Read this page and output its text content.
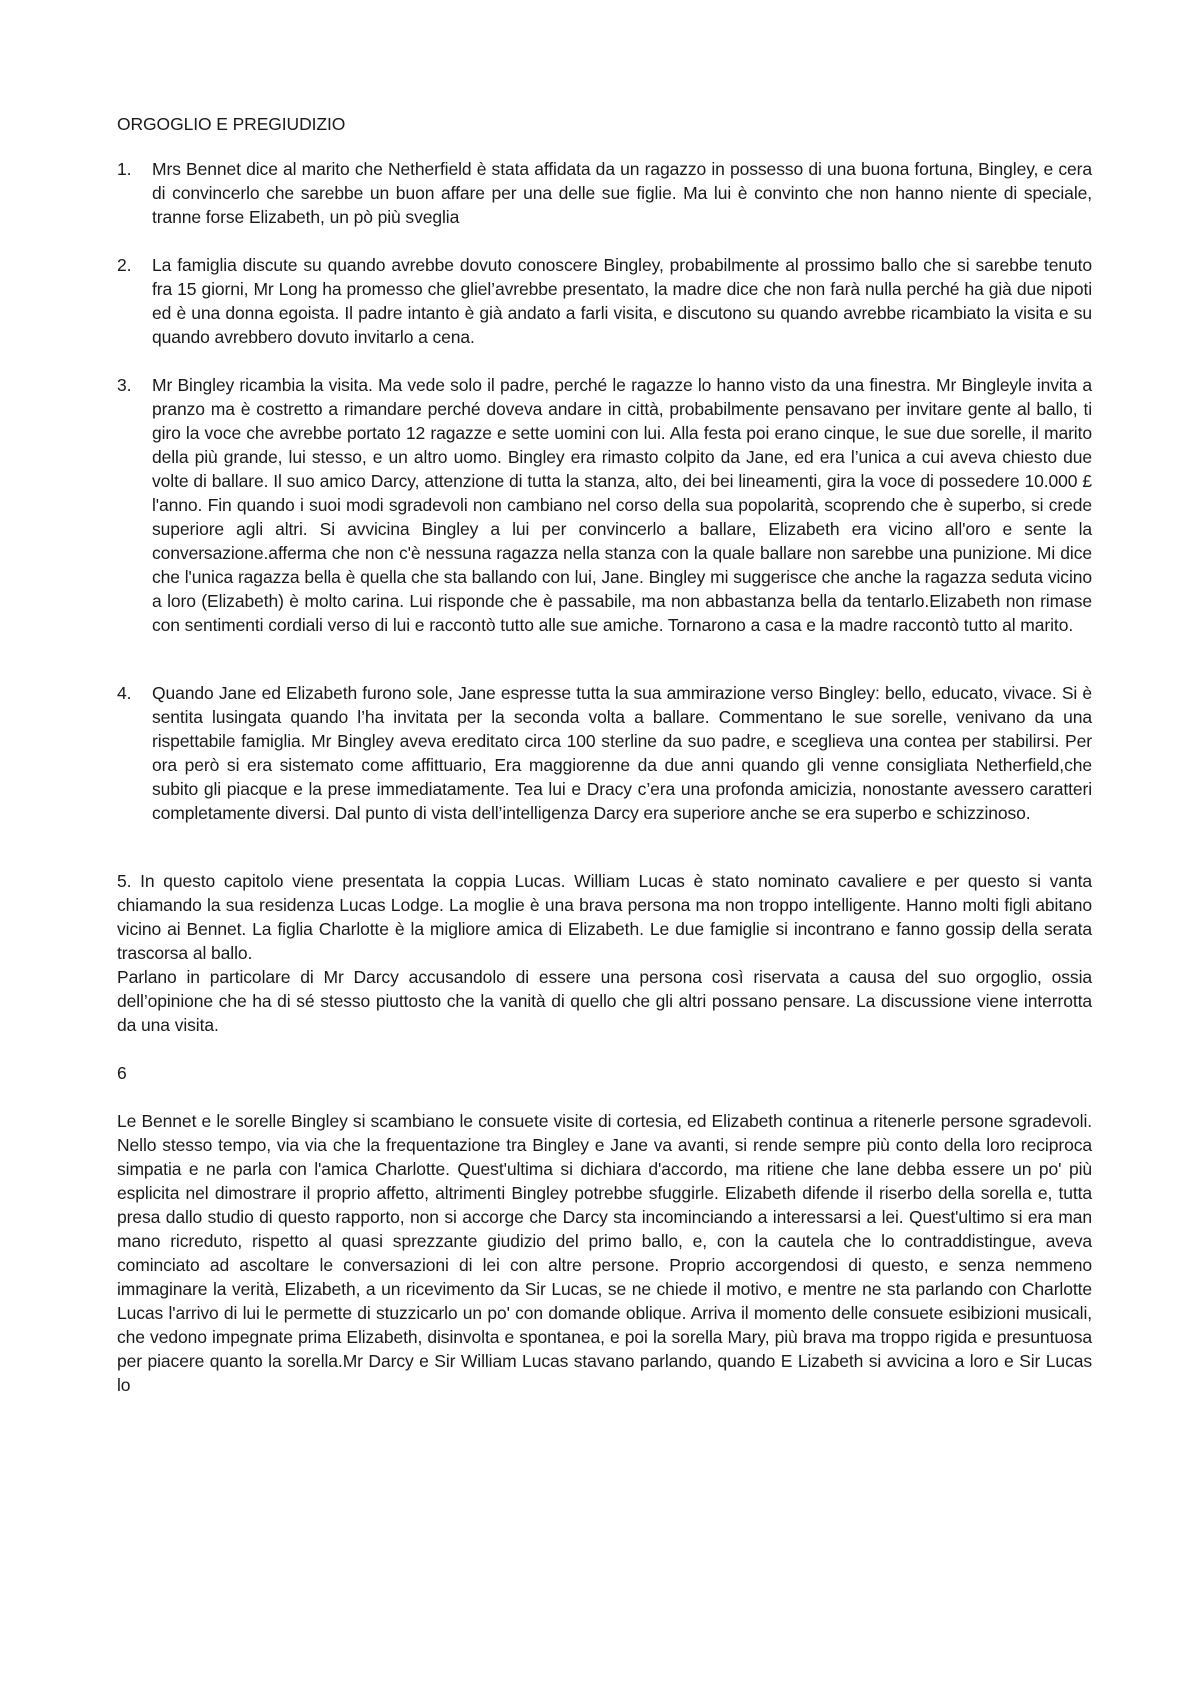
ORGOGLIO E PREGIUDIZIO
1.	Mrs Bennet dice al marito che Netherfield è stata affidata da un ragazzo in possesso di una buona fortuna, Bingley, e cera di convincerlo che sarebbe un buon affare per una delle sue figlie. Ma lui è convinto che non hanno niente di speciale, tranne forse Elizabeth, un pò più sveglia
2.	La famiglia discute su quando avrebbe dovuto conoscere Bingley, probabilmente al prossimo ballo che si sarebbe tenuto fra 15 giorni, Mr Long ha promesso che gliel’avrebbe presentato, la madre dice che non farà nulla perché ha già due nipoti ed è una donna egoista. Il padre intanto è già andato a farli visita, e discutono su quando avrebbe ricambiato la visita e su quando avrebbero dovuto invitarlo a cena.
3.	Mr Bingley ricambia la visita. Ma vede solo il padre, perché le ragazze lo hanno visto da una finestra. Mr Bingleyle invita a pranzo ma è costretto a rimandare perché doveva andare in città, probabilmente pensavano per invitare gente al ballo, ti giro la voce che avrebbe portato 12 ragazze e sette uomini con lui. Alla festa poi erano cinque, le sue due sorelle, il marito della più grande, lui stesso, e un altro uomo. Bingley era rimasto colpito da Jane, ed era l’unica a cui aveva chiesto due volte di ballare. Il suo amico Darcy, attenzione di tutta la stanza, alto, dei bei lineamenti, gira la voce di possedere 10.000 £ l'anno. Fin quando i suoi modi sgradevoli non cambiano nel corso della sua popolarità, scoprendo che è superbo, si crede superiore agli altri. Si avvicina Bingley a lui per convincerlo a ballare, Elizabeth era vicino all'oro e sente la conversazione.afferma che non c'è nessuna ragazza nella stanza con la quale ballare non sarebbe una punizione. Mi dice che l'unica ragazza bella è quella che sta ballando con lui, Jane. Bingley mi suggerisce che anche la ragazza seduta vicino a loro (Elizabeth) è molto carina. Lui risponde che è passabile, ma non abbastanza bella da tentarlo.Elizabeth non rimase con sentimenti cordiali verso di lui e raccontò tutto alle sue amiche. Tornarono a casa e la madre raccontò tutto al marito.
4.	Quando Jane ed Elizabeth furono sole, Jane espresse tutta la sua ammirazione verso Bingley: bello, educato, vivace. Si è sentita lusingata quando l’ha invitata per la seconda volta a ballare. Commentano le sue sorelle, venivano da una rispettabile famiglia. Mr Bingley aveva ereditato circa 100 sterline da suo padre, e sceglieva una contea per stabilirsi. Per ora però si era sistemato come affittuario, Era maggiorenne da due anni quando gli venne consigliata Netherfield,che subito gli piacque e la prese immediatamente. Tea lui e Dracy c’era una profonda amicizia, nonostante avessero caratteri completamente diversi. Dal punto di vista dell’intelligenza Darcy era superiore anche se era superbo e schizzinoso.

5. In questo capitolo viene presentata la coppia Lucas. William Lucas è stato nominato cavaliere e per questo si vanta chiamando la sua residenza Lucas Lodge. La moglie è una brava persona ma non troppo intelligente. Hanno molti figli abitano vicino ai Bennet. La figlia Charlotte è la migliore amica di Elizabeth. Le due famiglie si incontrano e fanno gossip della serata trascorsa al ballo.

Parlano in particolare di Mr Darcy accusandolo di essere una persona così riservata a causa del suo orgoglio, ossia dell’opinione che ha di sé stesso piuttosto che la vanità di quello che gli altri possano pensare. La discussione viene interrotta da una visita.

6

Le Bennet e le sorelle Bingley si scambiano le consuete visite di cortesia, ed Elizabeth continua a ritenerle persone sgradevoli. Nello stesso tempo, via via che la frequentazione tra Bingley e Jane va avanti, si rende sempre più conto della loro reciproca simpatia e ne parla con l'amica Charlotte. Quest'ultima si dichiara d'accordo, ma ritiene che lane debba essere un po' più esplicita nel dimostrare il proprio affetto, altrimenti Bingley potrebbe sfuggirle. Elizabeth difende il riserbo della sorella e, tutta presa dallo studio di questo rapporto, non si accorge che Darcy sta incominciando a interessarsi a lei. Quest'ultimo si era man mano ricreduto, rispetto al quasi sprezzante giudizio del primo ballo, e, con la cautela che lo contraddistingue, aveva cominciato ad ascoltare le conversazioni di lei con altre persone. Proprio accorgendosi di questo, e senza nemmeno immaginare la verità, Elizabeth, a un ricevimento da Sir Lucas, se ne chiede il motivo, e mentre ne sta parlando con Charlotte Lucas l'arrivo di lui le permette di stuzzicarlo un po' con domande oblique. Arriva il momento delle consuete esibizioni musicali, che vedono impegnate prima Elizabeth, disinvolta e spontanea, e poi la sorella Mary, più brava ma troppo rigida e presuntuosa per piacere quanto la sorella.Mr Darcy e Sir William Lucas stavano parlando, quando E Lizabeth si avvicina a loro e Sir Lucas lo
